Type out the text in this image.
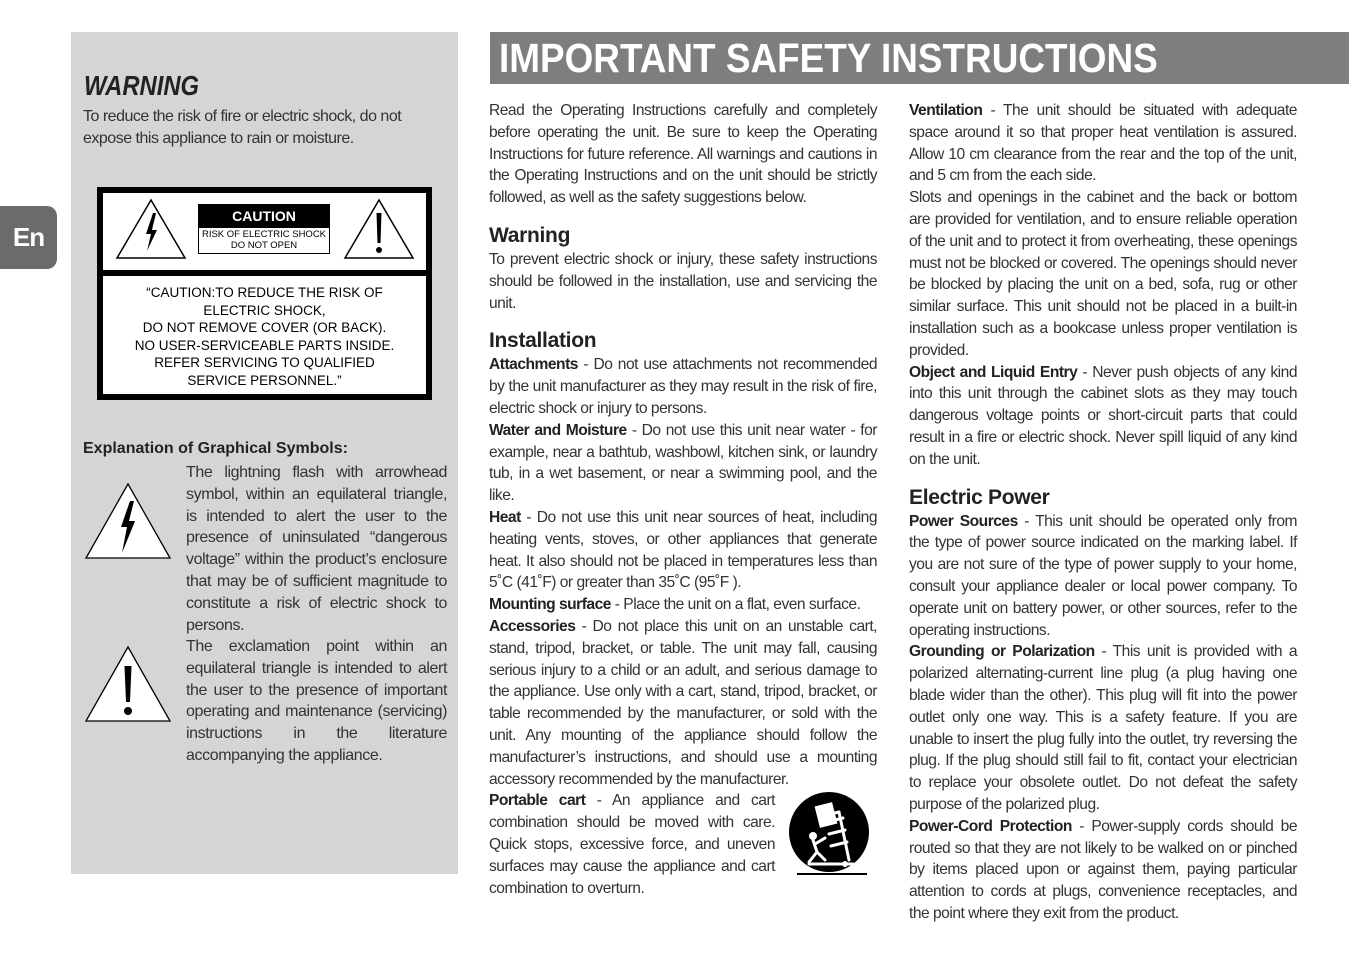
En
WARNING

To reduce the risk of fire or electric shock, do not expose this appliance to rain or moisture.

CAUTION
RISK OF ELECTRIC SHOCK
DO NOT OPEN
“CAUTION:TO REDUCE THE RISK OF
ELECTRIC SHOCK,
DO NOT REMOVE COVER (OR BACK).
NO USER-SERVICEABLE PARTS INSIDE.
REFER SERVICING TO QUALIFIED
SERVICE PERSONNEL.”
Explanation of Graphical Symbols:

The lightning flash with arrowhead symbol, within an equilateral triangle, is intended to alert the user to the presence of uninsulated “dangerous voltage” within the product’s enclosure that may be of sufficient magnitude to constitute a risk of electric shock to persons.

The exclamation point within an equilateral triangle is intended to alert the user to the presence of important operating and maintenance (servicing) instructions in the literature accompanying the appliance.

IMPORTANT SAFETY INSTRUCTIONS

Read the Operating Instructions carefully and completely before operating the unit. Be sure to keep the Operating Instructions for future reference. All warnings and cautions in the Operating Instructions and on the unit should be strictly followed, as well as the safety suggestions below.

Warning

To prevent electric shock or injury, these safety instructions should be followed in the installation, use and servicing the unit.

Installation

Attachments - Do not use attachments not recommended by the unit manufacturer as they may result in the risk of fire, electric shock or injury to persons.

Water and Moisture - Do not use this unit near water - for example, near a bathtub, washbowl, kitchen sink, or laundry tub, in a wet basement, or near a swimming pool, and the like.

Heat - Do not use this unit near sources of heat, including heating vents, stoves, or other appliances that generate heat. It also should not be placed in temperatures less than 5˚C (41˚F) or greater than 35˚C (95˚F ).

Mounting surface - Place the unit on a flat, even surface.

Accessories - Do not place this unit on an unstable cart, stand, tripod, bracket, or table. The unit may fall, causing serious injury to a child or an adult, and serious damage to the appliance. Use only with a cart, stand, tripod, bracket, or table recommended by the manufacturer, or sold with the unit. Any mounting of the appliance should follow the manufacturer’s instructions, and should use a mounting accessory recommended by the manufacturer.

Portable cart - An appliance and cart combination should be moved with care. Quick stops, excessive force, and uneven surfaces may cause the appliance and cart combination to overturn.

Ventilation - The unit should be situated with adequate space around it so that proper heat ventilation is assured. Allow 10 cm clearance from the rear and the top of the unit, and 5 cm from the each side.

Slots and openings in the cabinet and the back or bottom are provided for ventilation, and to ensure reliable operation of the unit and to protect it from overheating, these openings must not be blocked or covered. The openings should never be blocked by placing the unit on a bed, sofa, rug or other similar surface. This unit should not be placed in a built-in installation such as a bookcase unless proper ventilation is provided.

Object and Liquid Entry - Never push objects of any kind into this unit through the cabinet slots as they may touch dangerous voltage points or short-circuit parts that could result in a fire or electric shock. Never spill liquid of any kind on the unit.

Electric Power

Power Sources - This unit should be operated only from the type of power source indicated on the marking label. If you are not sure of the type of power supply to your home, consult your appliance dealer or local power company. To operate unit on battery power, or other sources, refer to the operating instructions.

Grounding or Polarization - This unit is provided with a polarized alternating-current line plug (a plug having one blade wider than the other). This plug will fit into the power outlet only one way. This is a safety feature. If you are unable to insert the plug fully into the outlet, try reversing the plug. If the plug should still fail to fit, contact your electrician to replace your obsolete outlet. Do not defeat the safety purpose of the polarized plug.

Power-Cord Protection - Power-supply cords should be routed so that they are not likely to be walked on or pinched by items placed upon or against them, paying particular attention to cords at plugs, convenience receptacles, and the point where they exit from the product.
